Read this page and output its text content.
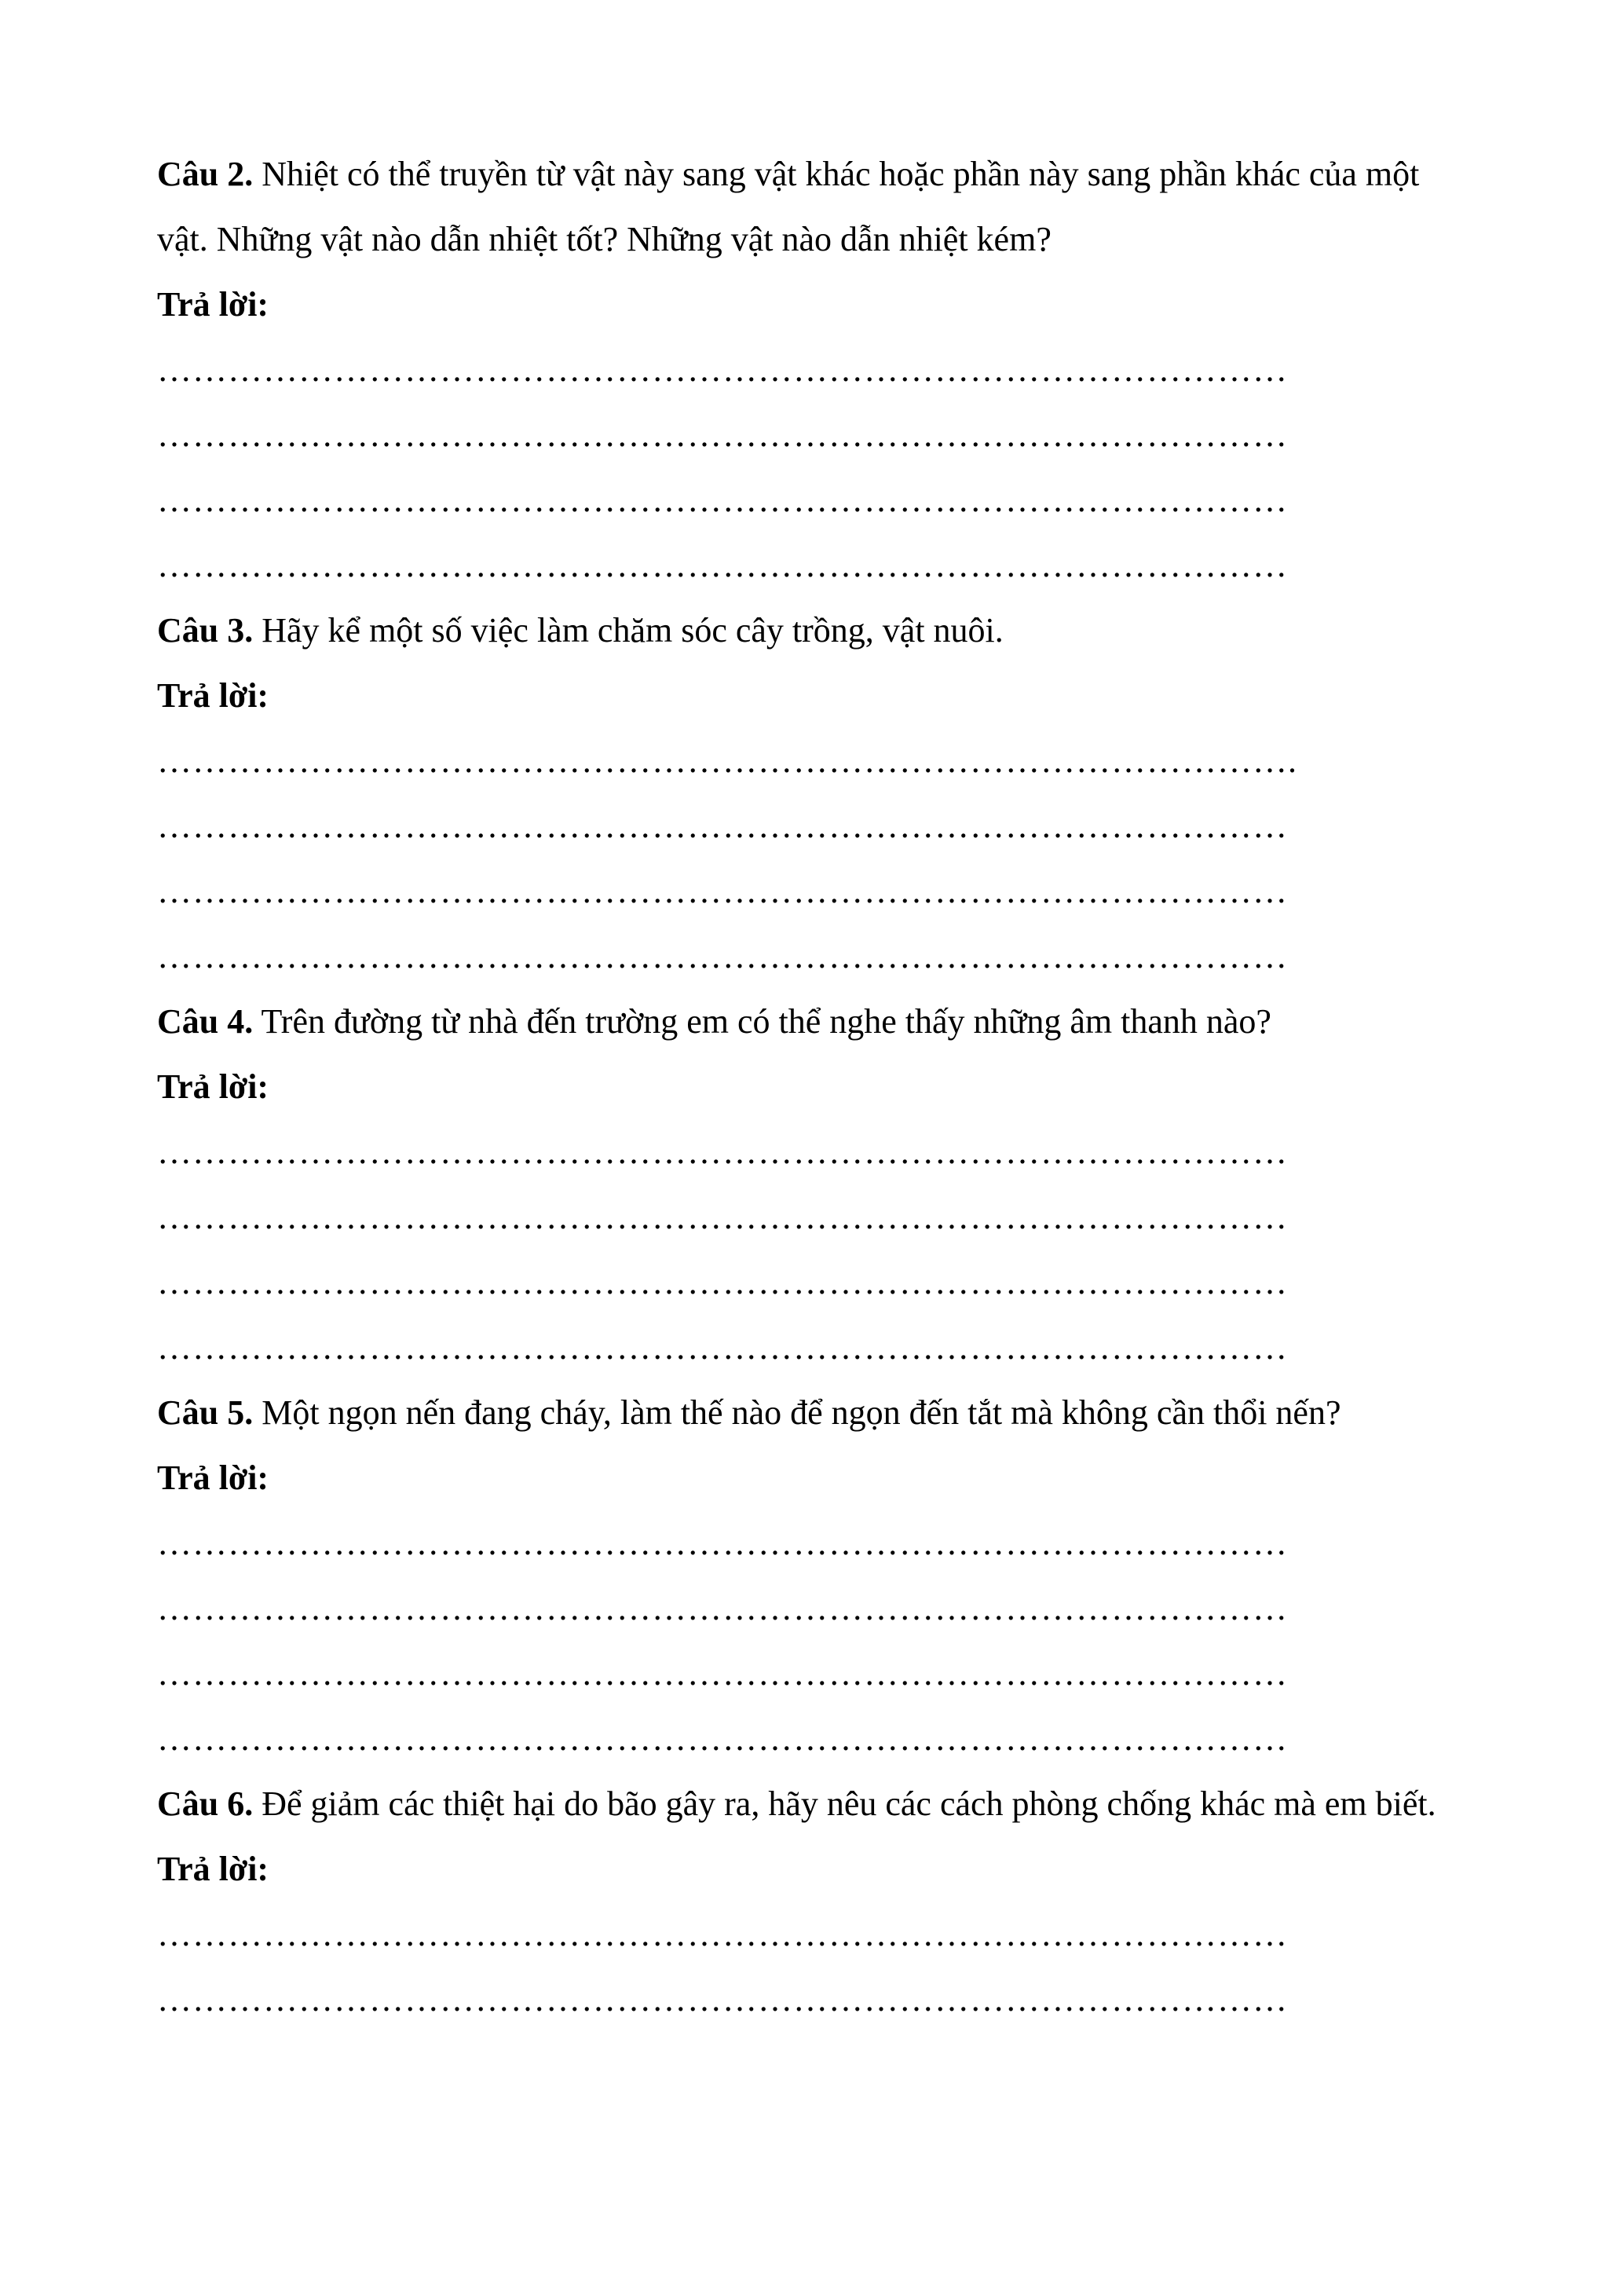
Câu 2. Nhiệt có thể truyền từ vật này sang vật khác hoặc phần này sang phần khác của một vật. Những vật nào dẫn nhiệt tốt? Những vật nào dẫn nhiệt kém?

Trả lời:

……………………………………………………………………………………
……………………………………………………………………………………
……………………………………………………………………………………
……………………………………………………………………………………

Câu 3. Hãy kể một số việc làm chăm sóc cây trồng, vật nuôi.

Trả lời:

…………………………………………………………………………………….
……………………………………………………………………………………
……………………………………………………………………………………
……………………………………………………………………………………

Câu 4. Trên đường từ nhà đến trường em có thể nghe thấy những âm thanh nào?

Trả lời:

……………………………………………………………………………………
……………………………………………………………………………………
……………………………………………………………………………………
……………………………………………………………………………………

Câu 5. Một ngọn nến đang cháy, làm thế nào để ngọn đến tắt mà không cần thổi nến?

Trả lời:

……………………………………………………………………………………
……………………………………………………………………………………
……………………………………………………………………………………
……………………………………………………………………………………

Câu 6. Để giảm các thiệt hại do bão gây ra, hãy nêu các cách phòng chống khác mà em biết.

Trả lời:

……………………………………………………………………………………
……………………………………………………………………………………
